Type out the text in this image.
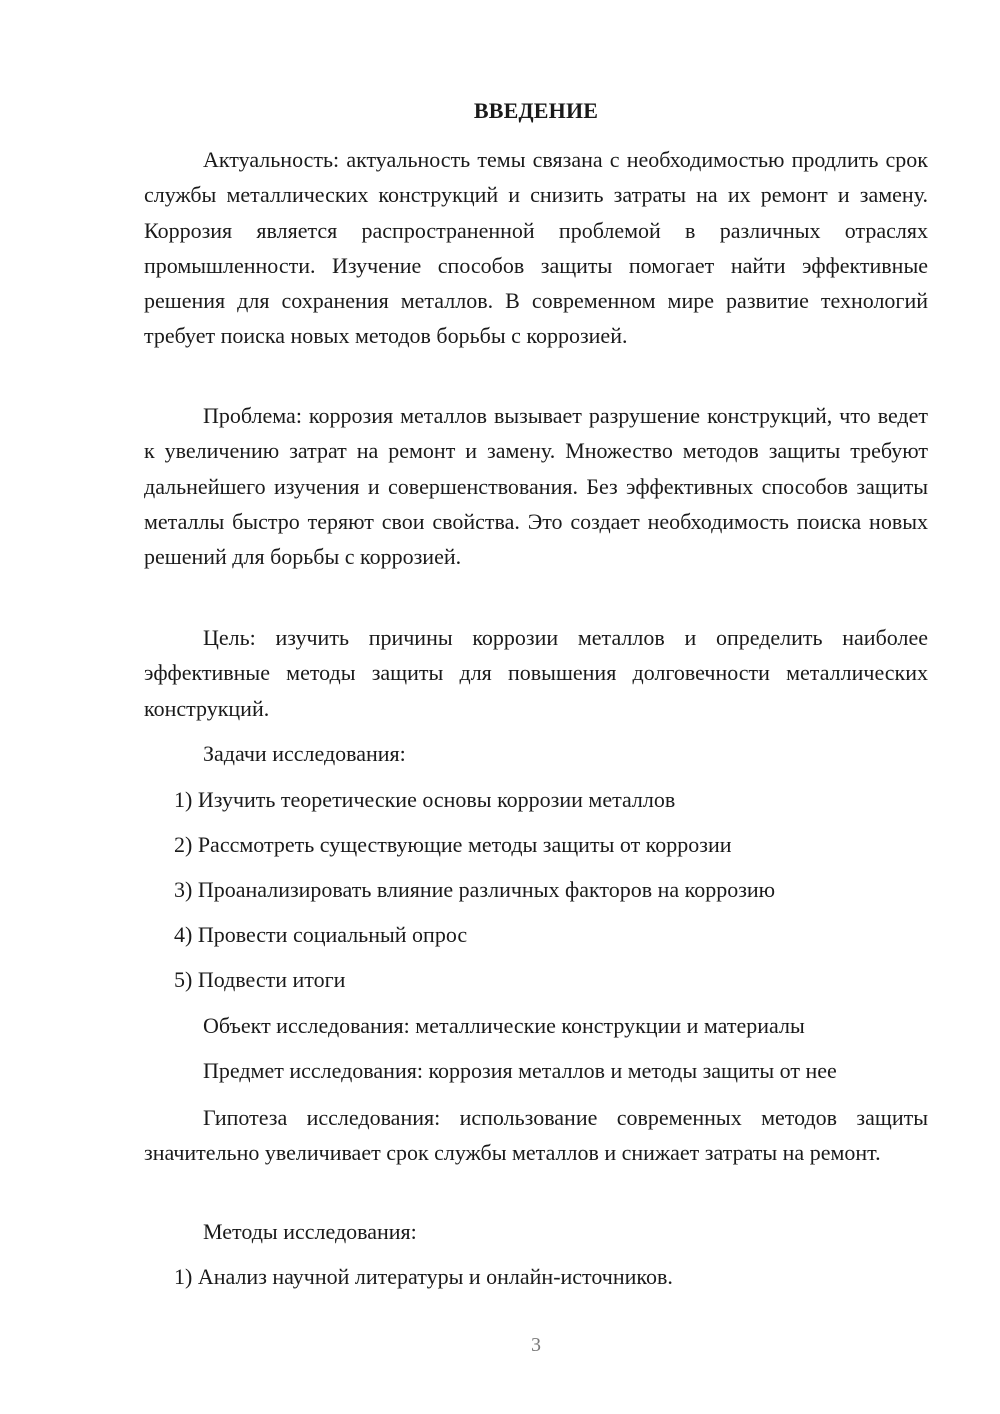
ВВЕДЕНИЕ

Актуальность: актуальность темы связана с необходимостью продлить срок службы металлических конструкций и снизить затраты на их ремонт и замену. Коррозия является распространенной проблемой в различных отраслях промышленности. Изучение способов защиты помогает найти эффективные решения для сохранения металлов. В современном мире развитие технологий требует поиска новых методов борьбы с коррозией.

Проблема: коррозия металлов вызывает разрушение конструкций, что ведет к увеличению затрат на ремонт и замену. Множество методов защиты требуют дальнейшего изучения и совершенствования. Без эффективных способов защиты металлы быстро теряют свои свойства. Это создает необходимость поиска новых решений для борьбы с коррозией.

Цель: изучить причины коррозии металлов и определить наиболее эффективные методы защиты для повышения долговечности металлических конструкций.

Задачи исследования:
1) Изучить теоретические основы коррозии металлов
2) Рассмотреть существующие методы защиты от коррозии
3) Проанализировать влияние различных факторов на коррозию
4) Провести социальный опрос
5) Подвести итоги
Объект исследования: металлические конструкции и материалы
Предмет исследования: коррозия металлов и методы защиты от нее

Гипотеза исследования: использование современных методов защиты значительно увеличивает срок службы металлов и снижает затраты на ремонт.

Методы исследования:
1) Анализ научной литературы и онлайн-источников.
3
